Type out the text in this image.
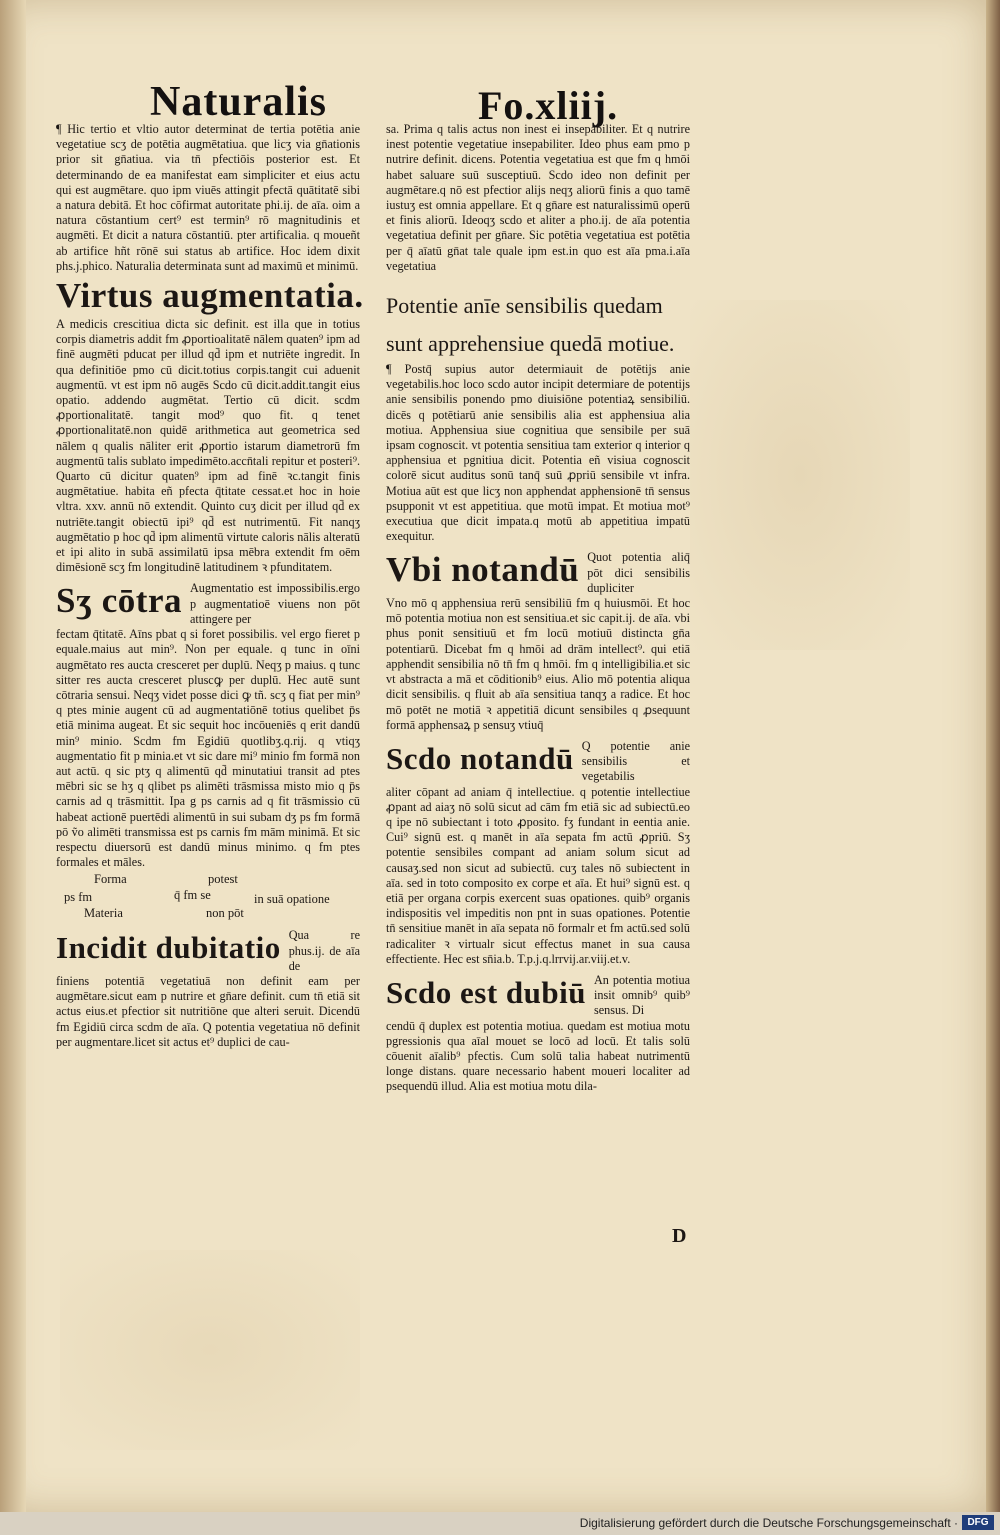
Naturalis	Fo.xliij.

¶ Hic tertio et vltio autor determinat de tertia potētia anie vegetatiue scʒ de potētia augmētatiua. que licʒ via gn̄ationis prior sit gn̄atiua. via tn̄ pfectiōis posterior est. Et determinando de ea manifestat eam simpliciter et eius actu qui est augmētare. quo ipm viuēs attingit pfectā quātitatē sibi a natura debitā. Et hoc cōfirmat autoritate phi.ij. de aīa. oim a natura cōstantium cert⁹ est termin⁹ rō magnitudinis et augmēti. Et dicit a natura cōstantiū. pter artificalia. q moueñt ab artifice hñt rōnē sui status ab artifice. Hoc idem dixit phs.j.phico. Naturalia determinata sunt ad maximū et minimū.

Virtus augmentatia.

A medicis crescitiua dicta sic definit. est illa que in totius corpis diametris addit fm ꝓportioalitatē nālem quaten⁹ ipm ad finē augmēti pducat per illud qd̄ ipm et nutriēte ingredit. In qua definitiōe pmo cū dicit.totius corpis.tangit cui aduenit augmentū. vt est ipm nō augēs Scdo cū dicit.addit.tangit eius opatio. addendo augmētat. Tertio cū dicit. scdm ꝓportionalitatē. tangit mod⁹ quo fit. q tenet ꝓportionalitatē.non quidē arithmetica aut geometrica sed nālem q qualis nāliter erit ꝓportio istarum diametrorū fm augmentū talis sublato impedimēto.accn̄tali repitur et posteri⁹. Quarto cū dicitur quaten⁹ ipm ad finē ꝛc.tangit finis augmētatiue. habita eñ pfecta q̄titate cessat.et hoc in hoie vltra. xxv. annū nō extendit. Quinto cuʒ dicit per illud qd̄ ex nutriēte.tangit obiectū ipi⁹ qd̄ est nutrimentū. Fit nanqʒ augmētatio p hoc qd̄ ipm alimentū virtute caloris nālis alteratū et ipi alito in subā assimilatū ipsa mēbra extendit fm oēm dimēsionē scʒ fm longitudinē latitudinem ꝛ pfunditatem.

Sʒ cōtra Augmentatio est impossibilis.ergo p augmentatioē viuens non pōt attingere per

fectam q̄titatē. Aīns pbat q si foret possibilis. vel ergo fieret p equale.maius aut min⁹. Non per equale. q tunc in oīni augmētato res aucta cresceret per duplū. Neqʒ p maius. q tunc sitter res aucta cresceret pluscꝙ per duplū. Hec autē sunt cōtraria sensui. Neqʒ videt posse dici ꝙ tñ. scʒ q fiat per min⁹ q ptes minie augent cū ad augmentatiōnē totius quelibet p̄s etiā minima augeat. Et sic sequit hoc incōueniēs q erit dandū min⁹ minio. Scdm fm Egidiū quotlibʒ.q.rij. q vtiqʒ augmentatio fit p minia.et vt sic dare mi⁹ minio fm formā non aut actū. q sic ptʒ q alimentū qd̄ minutatiui transit ad ptes mēbri sic se hʒ q qlibet ps alimēti trāsmissa misto mio q p̄s carnis ad q trāsmittit. Ipa g ps carnis ad q fit trāsmissio cū habeat actionē puertēdi alimentū in sui subam dʒ ps fm formā pō ṽo alimēti transmissa est ps carnis fm mām minimā. Et sic respectu diuersorū est dandū minus minimo. q fm ptes formales et māles.

Forma	potest
ps fm	q̄ fm se	in suā opatione
Materia	non pōt
Incidit dubitatio Qua re phus.ij. de aīa de

finiens potentiā vegetatiuā non definit eam per augmētare.sicut eam p nutrire et gn̄are definit. cum tn̄ etiā sit actus eius.et pfectior sit nutritiōne que alteri seruit. Dicendū fm Egidiū circa scdm de aīa. Q potentia vegetatiua nō definit per augmentare.licet sit actus et⁹ duplici de cau-

sa. Prima q talis actus non inest ei insepabiliter. Et q nutrire inest potentie vegetatiue insepabiliter. Ideo phus eam pmo p nutrire definit. dicens. Potentia vegetatiua est que fm q hmōi habet saluare suū susceptiuū. Scdo ideo non definit per augmētare.q nō est pfectior alijs neqʒ aliorū finis a quo tamē iustuʒ est omnia appellare. Et q gn̄are est naturalissimū operū et finis aliorū. Ideoqʒ scdo et aliter a pho.ij. de aīa potentia vegetatiua definit per gn̄are. Sic potētia vegetatiua est potētia per q̄ aīatū gn̄at tale quale ipm est.in quo est aīa pma.i.aīa vegetatiua

Potentie anīe sensibilis quedam
sunt apprehensiue quedā motiue.

¶ Postq̄ supius autor determiauit de potētijs anie vegetabilis.hoc loco scdo autor incipit determiare de potentijs anie sensibilis ponendo pmo diuisiōne potentiaꝝ sensibiliū. dicēs q potētiarū anie sensibilis alia est apphensiua alia motiua. Apphensiua siue cognitiua que sensibile per suā ipsam cognoscit. vt potentia sensitiua tam exterior q interior q apphensiua et pgnitiua dicit. Potentia eñ visiua cognoscit colorē sicut auditus sonū tanq̄ suū ꝓpriū sensibile vt infra. Motiua aūt est que licʒ non apphendat apphensionē tn̄ sensus psupponit vt est appetitiua. que motū impat. Et motiua mot⁹ executiua que dicit impata.q motū ab appetitiua impatū exequitur.

Vbi notandū Quot potentia aliq̄ pōt dici sensibilis dupliciter

Vno mō q apphensiua rerū sensibiliū fm q huiusmōi. Et hoc mō potentia motiua non est sensitiua.et sic capit.ij. de aīa. vbi phus ponit sensitiuū et fm locū motiuū distincta gn̄a potentiarū. Dicebat fm q hmōi ad drām intellect⁹. qui etiā apphendit sensibilia nō tn̄ fm q hmōi. fm q intelligibilia.et sic vt abstracta a mā et cōditionib⁹ eius. Alio mō potentia aliqua dicit sensibilis. q fluit ab aīa sensitiua tanqʒ a radice. Et hoc mō potēt ne motiā ꝛ appetitiā dicunt sensibiles q ꝓsequunt formā apphensaꝝ p sensuʒ vtiuq̄

Scdo notandū Q potentie anie sensibilis et vegetabilis

aliter cōpant ad aniam q̄ intellectiue. q potentie intellectiue ꝓpant ad aiaʒ nō solū sicut ad cām fm etiā sic ad subiectū.eo q ipe nō subiectant i toto ꝓposito. fʒ fundant in eentia anie. Cui⁹ signū est. q manēt in aīa sepata fm actū ꝓpriū. Sʒ potentie sensibiles compant ad aniam solum sicut ad causaʒ.sed non sicut ad subiectū. cuʒ tales nō subiectent in aīa. sed in toto composito ex corpe et aīa. Et hui⁹ signū est. q etiā per organa corpis exercent suas opationes. quib⁹ organis indispositis vel impeditis non pnt in suas opationes. Potentie tn̄ sensitiue manēt in aīa sepata nō formalr et fm actū.sed solū radicaliter ꝛ virtualr sicut effectus manet in sua causa effectiente. Hec est sn̄ia.b. T.p.j.q.lrrvij.ar.viij.et.v.

Scdo est dubiū An potentia motiua insit omnib⁹ quib⁹ sensus. Di

cendū q̄ duplex est potentia motiua. quedam est motiua motu pgressionis qua aīal mouet se locō ad locū. Et talis solū cōuenit aīalib⁹ pfectis. Cum solū talia habeat nutrimentū longe distans. quare necessario habent moueri localiter ad psequendū illud. Alia est motiua motu dila-

D
Digitalisierung gefördert durch die Deutsche Forschungsgemeinschaft · DFG
